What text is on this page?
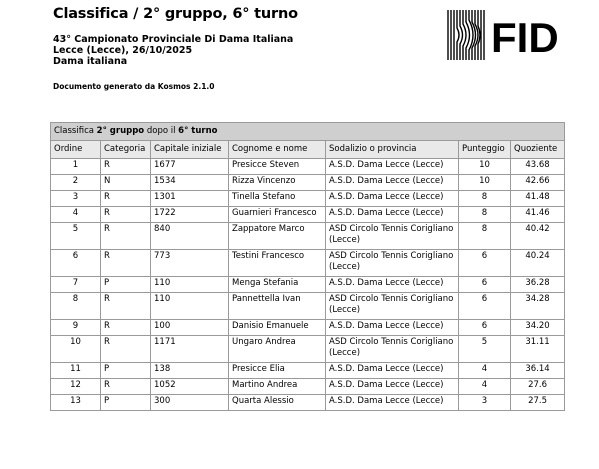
Classifica / 2° gruppo, 6° turno
43° Campionato Provinciale Di Dama Italiana
Lecce (Lecce), 26/10/2025
Dama italiana
Documento generato da Kosmos 2.1.0
FID
Classifica 2° gruppo dopo il 6° turno						
Ordine	Categoria	Capitale iniziale	Cognome e nome	Sodalizio o provincia	Punteggio	Quoziente
1	R	1677	Presicce Steven	A.S.D. Dama Lecce (Lecce)	10	43.68
2	N	1534	Rizza Vincenzo	A.S.D. Dama Lecce (Lecce)	10	42.66
3	R	1301	Tinella Stefano	A.S.D. Dama Lecce (Lecce)	8	41.48
4	R	1722	Guarnieri Francesco	A.S.D. Dama Lecce (Lecce)	8	41.46
5	R	840	Zappatore Marco	ASD Circolo Tennis Corigliano (Lecce)	8	40.42
6	R	773	Testini Francesco	ASD Circolo Tennis Corigliano (Lecce)	6	40.24
7	P	110	Menga Stefania	A.S.D. Dama Lecce (Lecce)	6	36.28
8	R	110	Pannettella Ivan	ASD Circolo Tennis Corigliano (Lecce)	6	34.28
9	R	100	Danisio Emanuele	A.S.D. Dama Lecce (Lecce)	6	34.20
10	R	1171	Ungaro Andrea	ASD Circolo Tennis Corigliano (Lecce)	5	31.11
11	P	138	Presicce Elia	A.S.D. Dama Lecce (Lecce)	4	36.14
12	R	1052	Martino Andrea	A.S.D. Dama Lecce (Lecce)	4	27.6
13	P	300	Quarta Alessio	A.S.D. Dama Lecce (Lecce)	3	27.5
